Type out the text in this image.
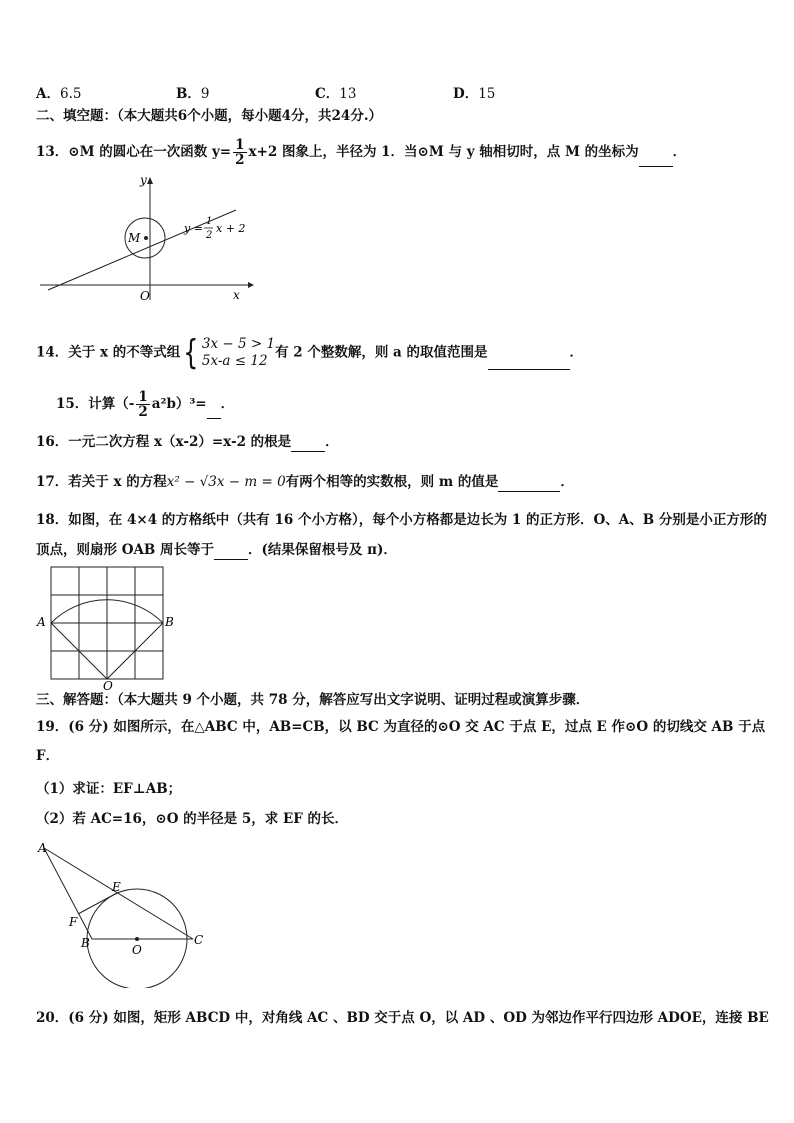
A．6.5	B．9	C．13	D．15
二、填空题：（本大题共6个小题，每小题4分，共24分.）
13．⊙M 的圆心在一次函数 $y= \frac{1}{2} x+2$ 图象上，半径为 1．当⊙M 与 y 轴相切时，点 M 的坐标为	．
y
x
O
M
y =
1
2
x + 2
14．关于 x 的不等式组{ 3x − 5 > 1
5x-a ≤ 12
有 2 个整数解，则 a 的取值范围是	．
15．计算（- $\frac{1}{2} a^2b)^3=$ ．
16．一元二次方程 x（x-2）=x-2 的根是	．
17．若关于 x 的方程x² − √3x − m = 0有两个相等的实数根，则 m 的值是	．
18．如图，在 4×4 的方格纸中（共有 16 个小方格），每个小方格都是边长为 1 的正方形．O、A、B 分别是小正方形的
顶点，则扇形 OAB 周长等于	．(结果保留根号及 π)．
A	B
O
三、解答题：（本大题共 9 个小题，共 78 分，解答应写出文字说明、证明过程或演算步骤．
19．(6 分) 如图所示，在△ABC 中，AB=CB，以 BC 为直径的⊙O 交 AC 于点 E，过点 E 作⊙O 的切线交 AB 于点
F．
（1）求证：EF⊥AB；
（2）若 AC=16，⊙O 的半径是 5，求 EF 的长．
A
E
F
B	O
C
20．(6 分) 如图，矩形 ABCD 中，对角线 AC 、BD 交于点 O，以 AD 、OD 为邻边作平行四边形 ADOE，连接 BE
